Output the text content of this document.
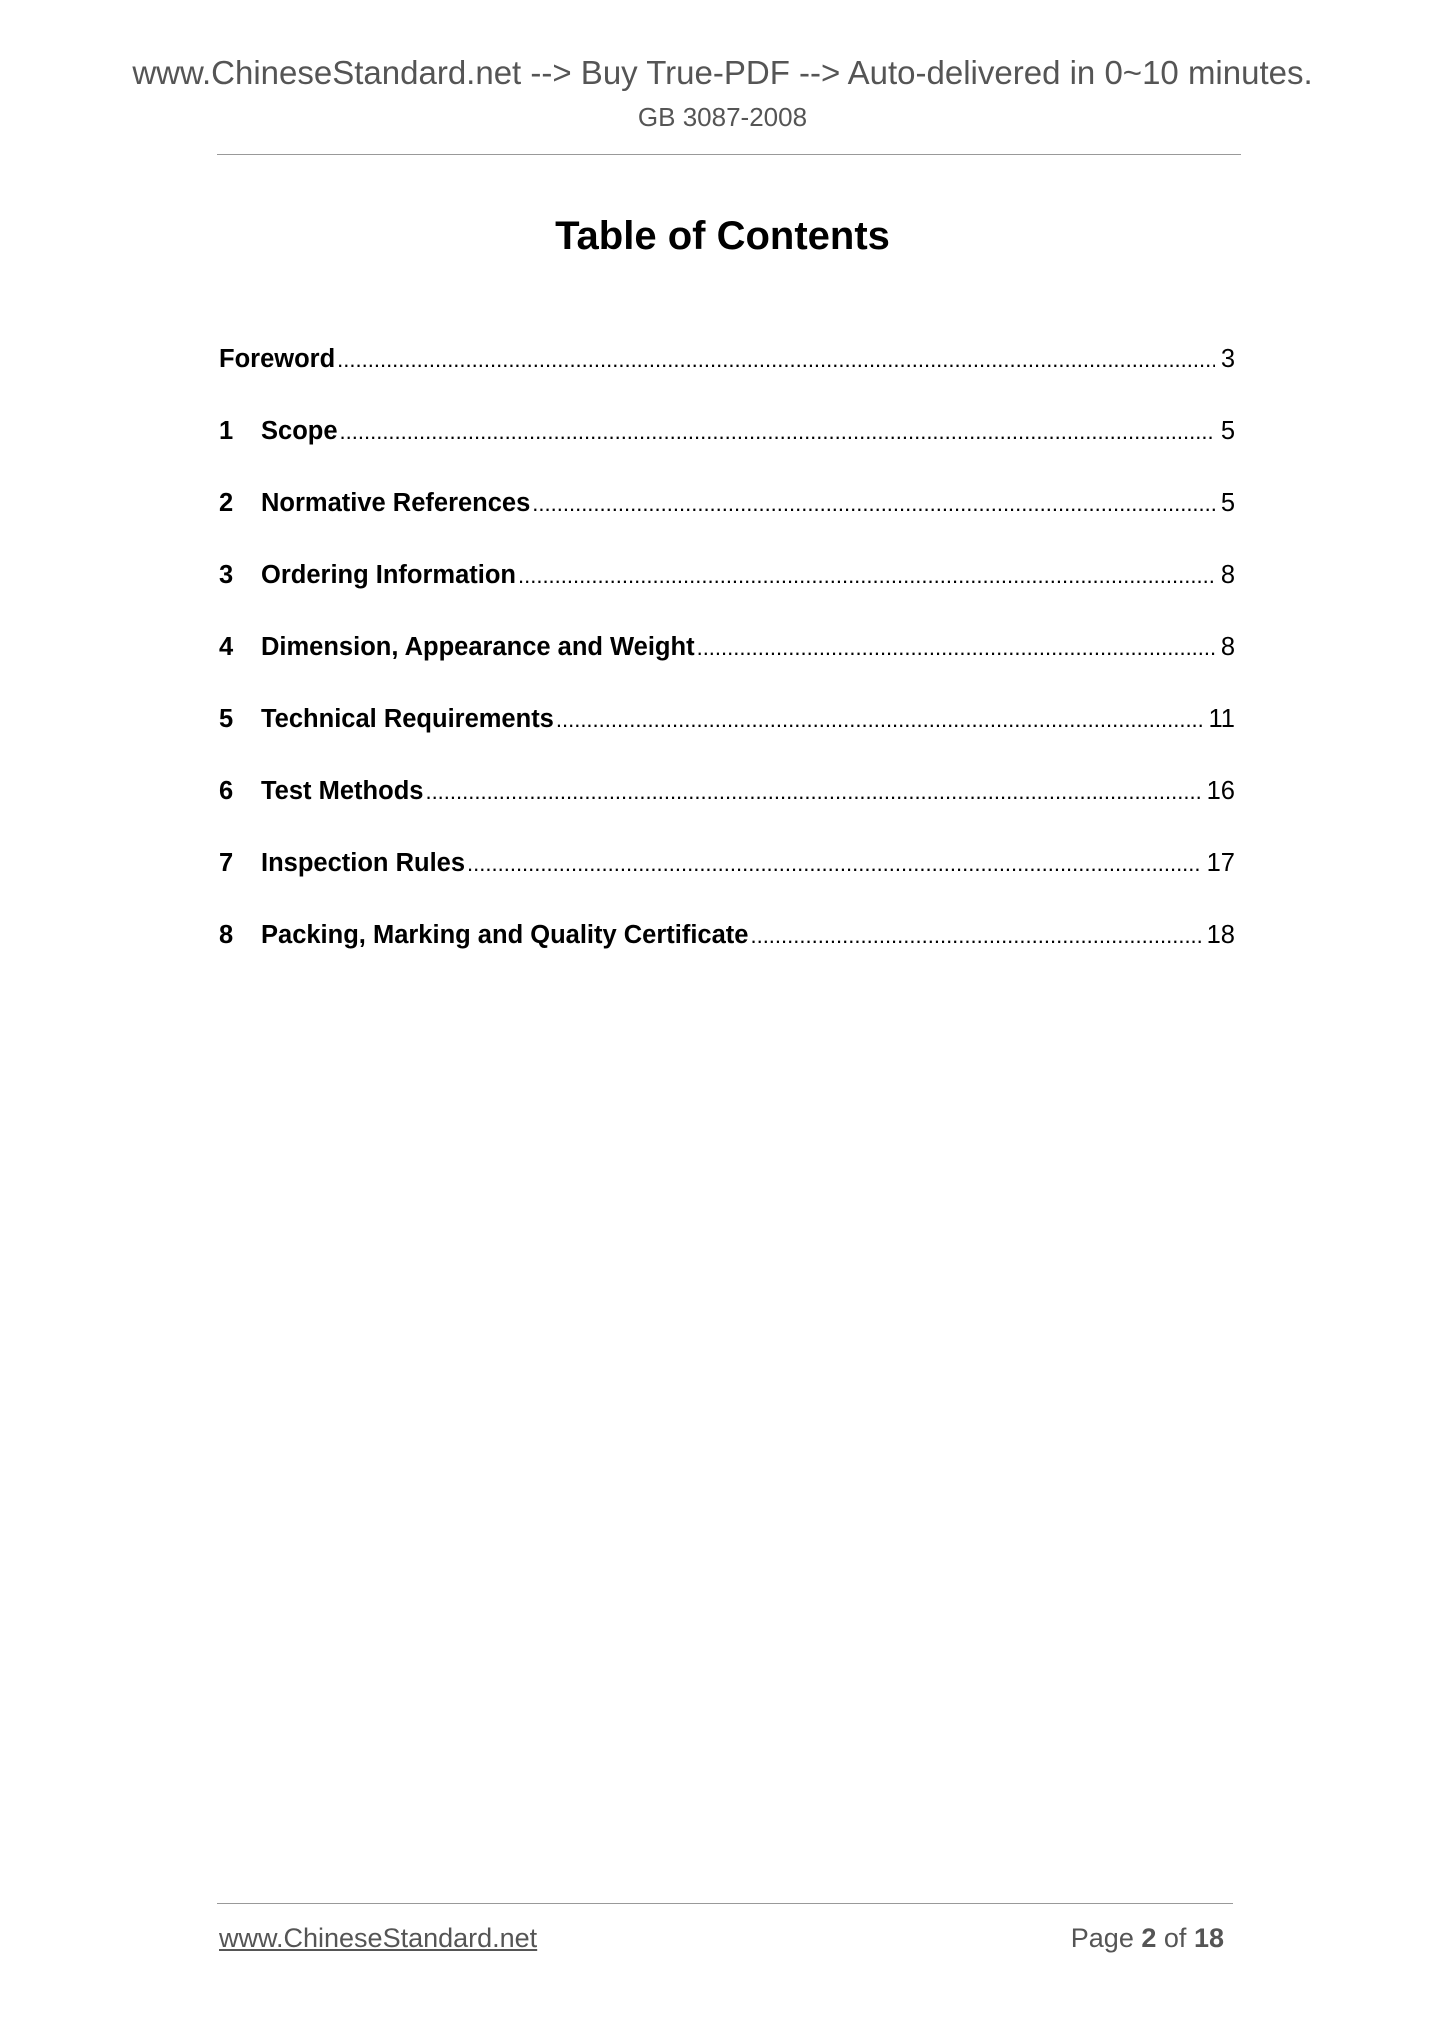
www.ChineseStandard.net --> Buy True-PDF --> Auto-delivered in 0~10 minutes.
GB 3087-2008
Table of Contents
Foreword .....	3
1	Scope .....	5
2	Normative References .....	5
3	Ordering Information .....	8
4	Dimension, Appearance and Weight .....	8
5	Technical Requirements .....	11
6	Test Methods .....	16
7	Inspection Rules .....	17
8	Packing, Marking and Quality Certificate .....	18
www.ChineseStandard.net	Page 2 of 18
